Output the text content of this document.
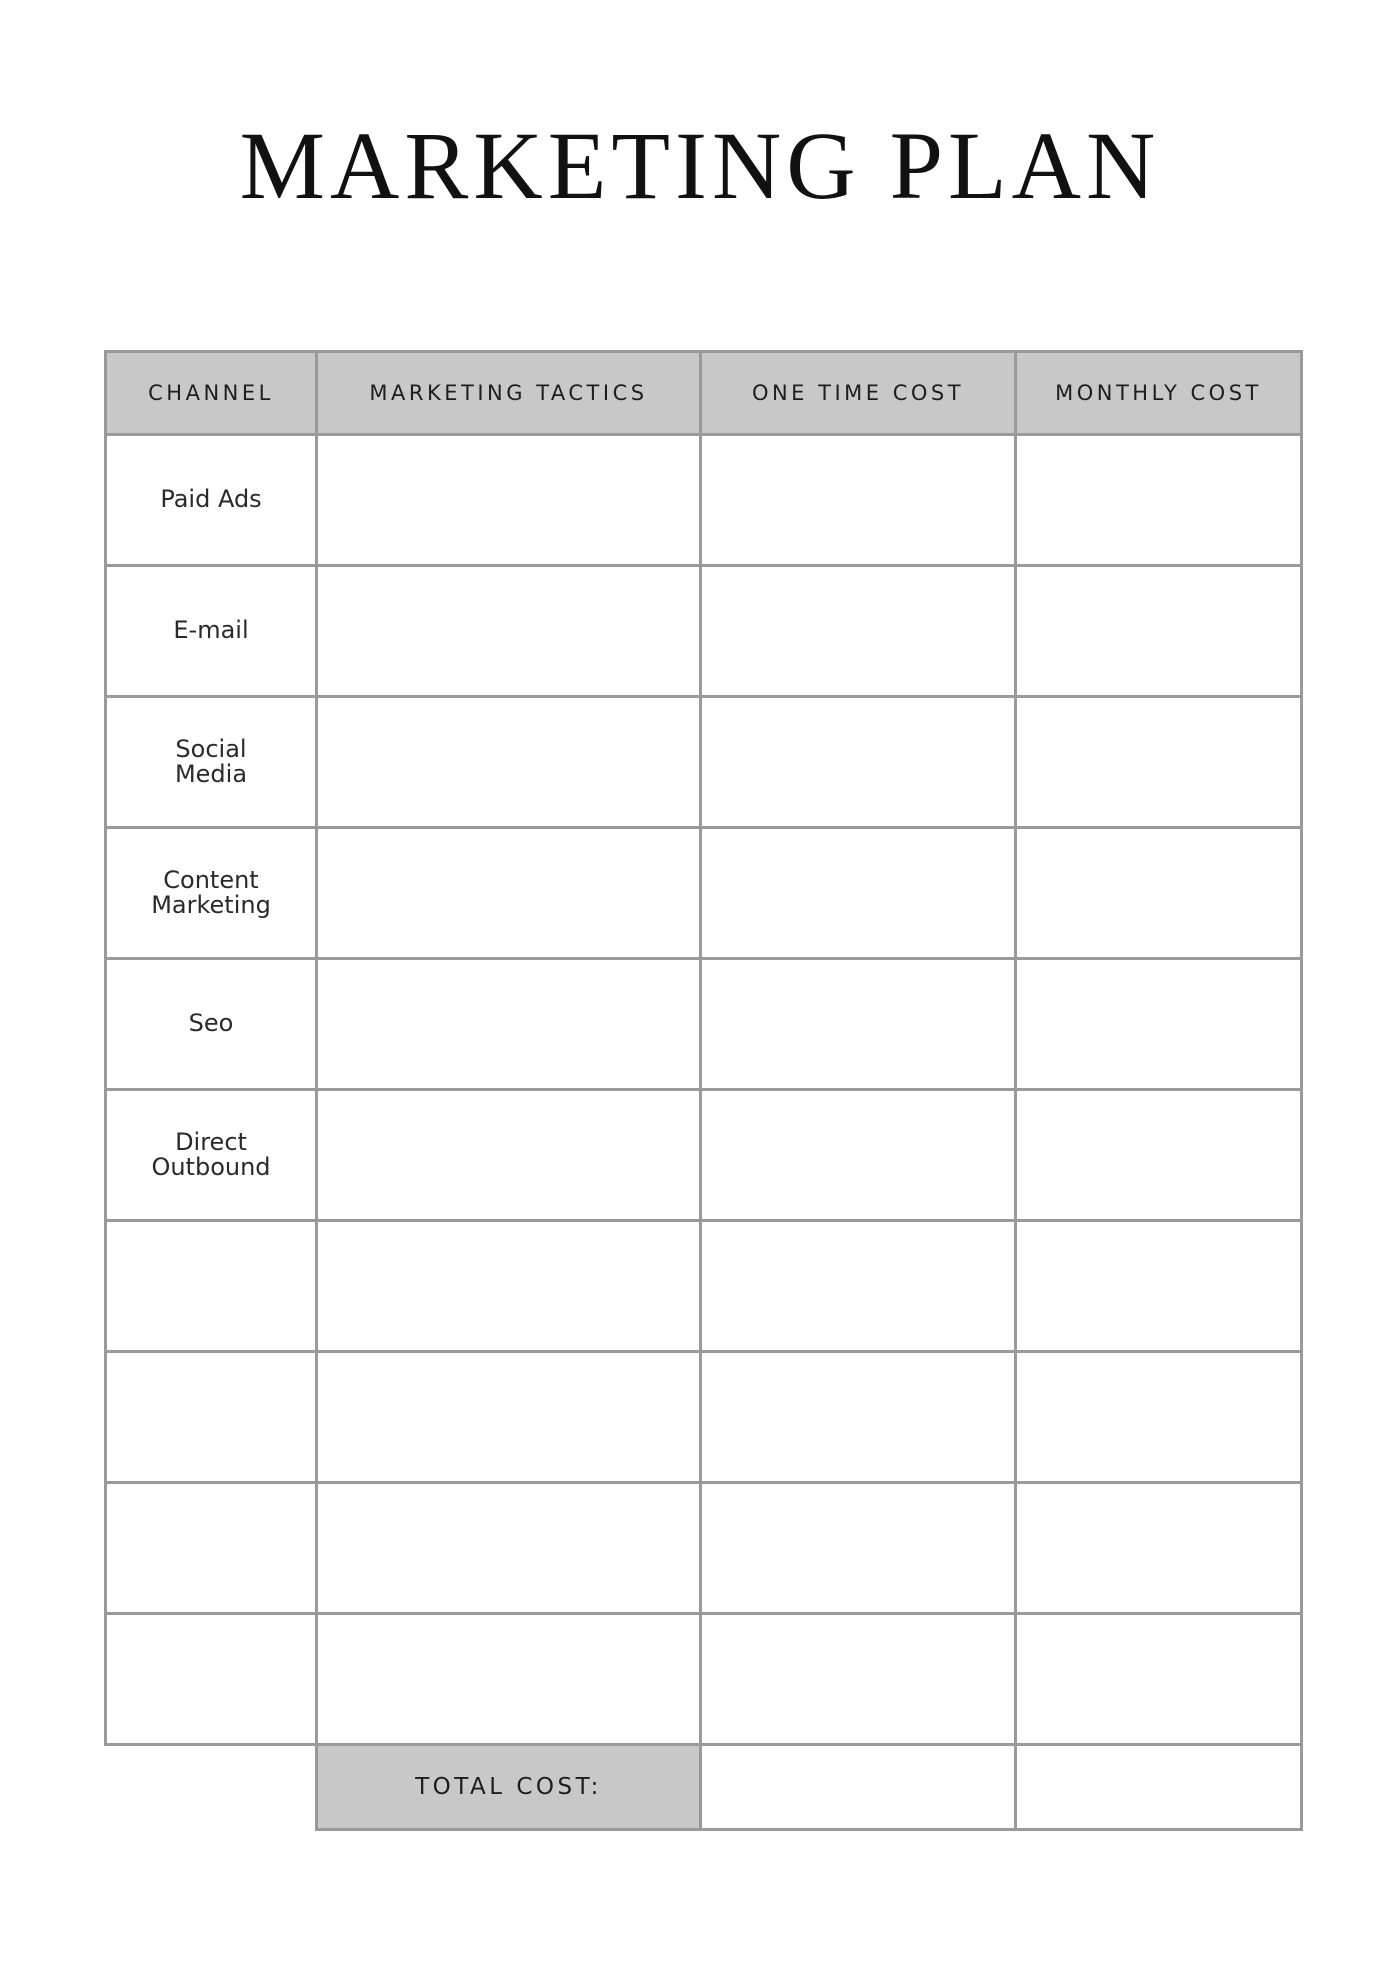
MARKETING PLAN
CHANNEL	MARKETING TACTICS	ONE TIME COST	MONTHLY COST
Paid Ads			
E-mail			
Social Media			
Content Marketing			
Seo			
Direct Outbound			

	TOTAL COST:		
